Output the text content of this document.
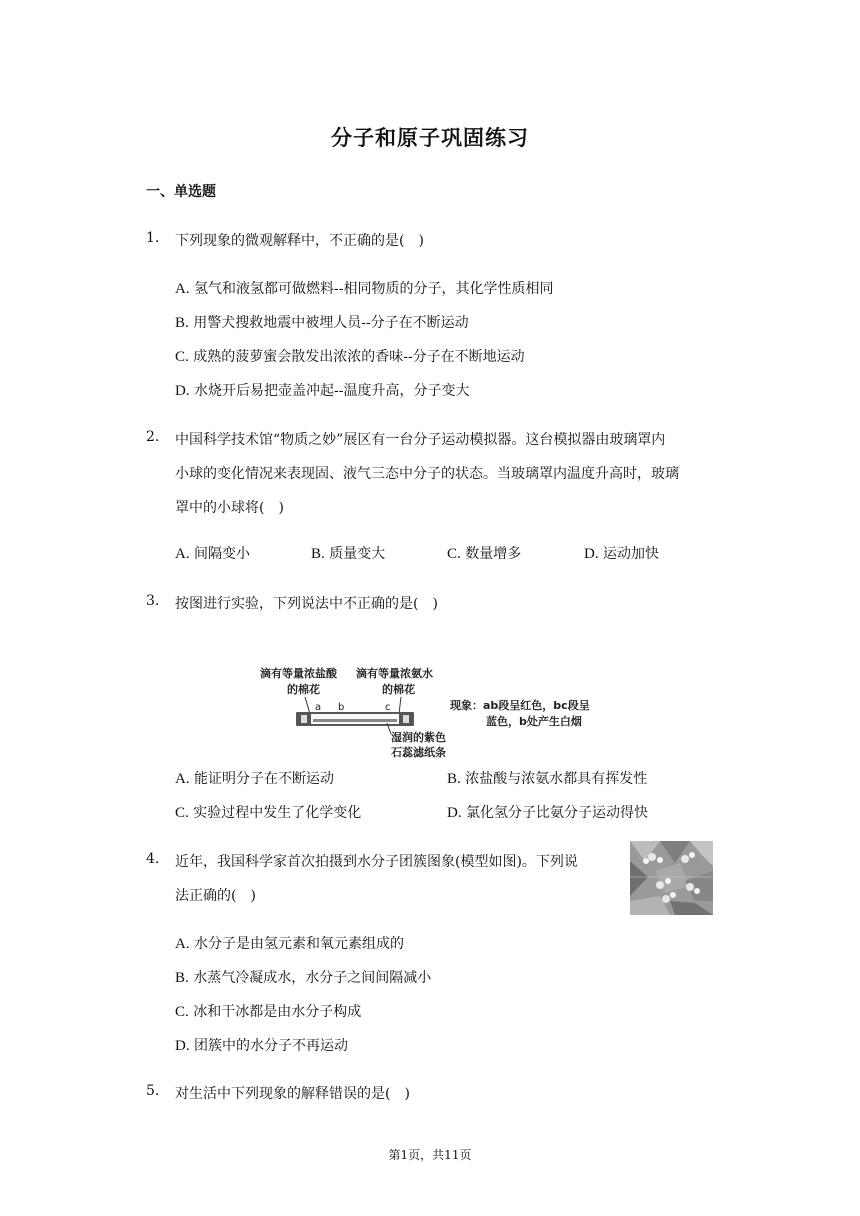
分子和原子巩固练习
一、单选题
1. 下列现象的微观解释中，不正确的是(　)
A. 氢气和液氢都可做燃料--相同物质的分子，其化学性质相同
B. 用警犬搜救地震中被埋人员--分子在不断运动
C. 成熟的菠萝蜜会散发出浓浓的香味--分子在不断地运动
D. 水烧开后易把壶盖冲起--温度升高，分子变大
2. 中国科学技术馆“物质之妙”展区有一台分子运动模拟器。这台模拟器由玻璃罩内
小球的变化情况来表现固、液气三态中分子的状态。当玻璃罩内温度升高时，玻璃
罩中的小球将(　)
A. 间隔变小	B. 质量变大	C. 数量增多	D. 运动加快
3. 按图进行实验，下列说法中不正确的是(　)
滴有等量浓盐酸
的棉花
滴有等量浓氨水
的棉花
a b	c
湿润的紫色
石蕊滤纸条
现象：ab段呈红色，bc段呈
蓝色，b处产生白烟
A. 能证明分子在不断运动	B. 浓盐酸与浓氨水都具有挥发性
C. 实验过程中发生了化学变化	D. 氯化氢分子比氨分子运动得快
4. 近年，我国科学家首次拍摄到水分子团簇图象(模型如图)。下列说
法正确的(　)
A. 水分子是由氢元素和氧元素组成的
B. 水蒸气冷凝成水，水分子之间间隔减小
C. 冰和干冰都是由水分子构成
D. 团簇中的水分子不再运动
5. 对生活中下列现象的解释错误的是(　)
第1页，共11页
